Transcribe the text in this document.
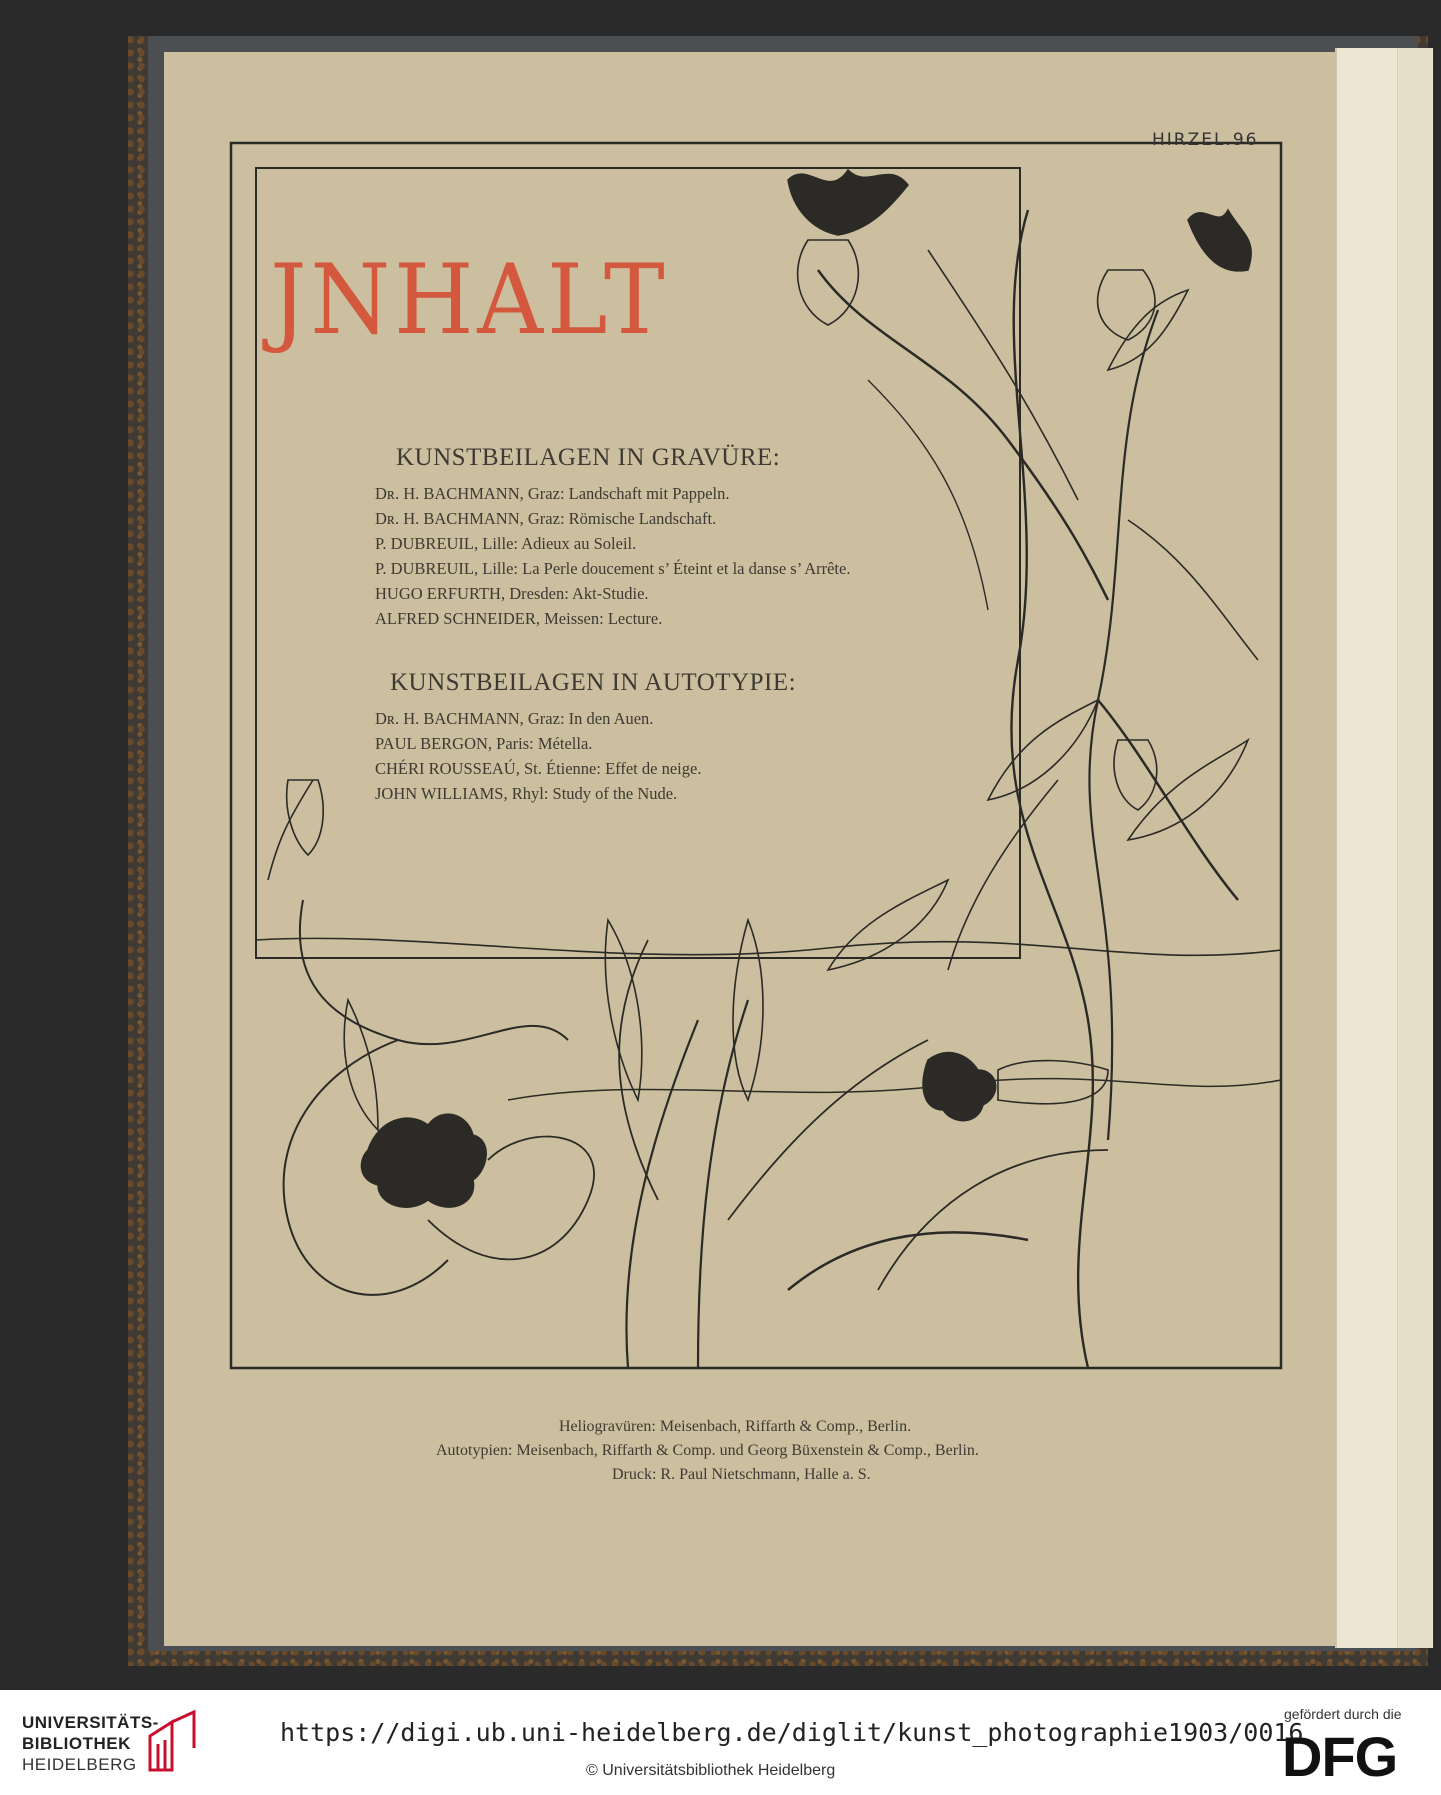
JNHALT
HIRZEL.96
KUNSTBEILAGEN IN GRAVÜRE:
Dʀ. H. BACHMANN, Graz: Landschaft mit Pappeln.
Dʀ. H. BACHMANN, Graz: Römische Landschaft.
P. DUBREUIL, Lille: Adieux au Soleil.
P. DUBREUIL, Lille: La Perle doucement s’ Éteint et la danse s’ Arrête.
HUGO ERFURTH, Dresden: Akt-Studie.
ALFRED SCHNEIDER, Meissen: Lecture.
KUNSTBEILAGEN IN AUTOTYPIE:
Dʀ. H. BACHMANN, Graz: In den Auen.
PAUL BERGON, Paris: Métella.
CHÉRI ROUSSEAÚ, St. Étienne: Effet de neige.
JOHN WILLIAMS, Rhyl: Study of the Nude.
Heliogravüren: Meisenbach, Riffarth & Comp., Berlin.
Autotypien: Meisenbach, Riffarth & Comp. und Georg Büxenstein & Comp., Berlin.
Druck: R. Paul Nietschmann, Halle a. S.
UNIVERSITÄTS-
BIBLIOTHEK
HEIDELBERG
https://digi.ub.uni-heidelberg.de/diglit/kunst_photographie1903/0016
© Universitätsbibliothek Heidelberg
gefördert durch die
DFG
